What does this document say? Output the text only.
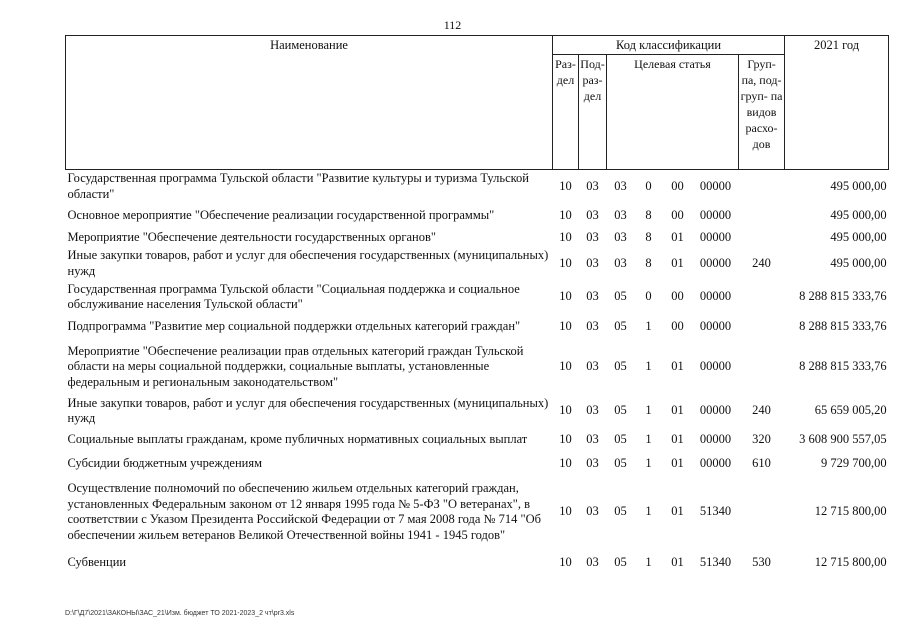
112
Наименование	Код классификации							2021 год
	Раз- дел	Под- раз- дел	Целевая статья				Груп- па, под- груп- па видов расхо- дов	
Государственная программа Тульской области "Развитие культуры и туризма Тульской области"	10	03	03	0	00	00000		495 000,00
Основное мероприятие "Обеспечение реализации государственной программы"	10	03	03	8	00	00000		495 000,00
Мероприятие "Обеспечение деятельности государственных органов"	10	03	03	8	01	00000		495 000,00
Иные закупки товаров, работ и услуг для обеспечения государственных (муниципальных) нужд	10	03	03	8	01	00000	240	495 000,00
Государственная программа Тульской области "Социальная поддержка и социальное обслуживание населения Тульской области"	10	03	05	0	00	00000		8 288 815 333,76
Подпрограмма "Развитие мер социальной поддержки отдельных категорий граждан"	10	03	05	1	00	00000		8 288 815 333,76
Мероприятие "Обеспечение реализации прав отдельных категорий граждан Тульской области на меры социальной поддержки, социальные выплаты, установленные федеральным и региональным законодательством"	10	03	05	1	01	00000		8 288 815 333,76
Иные закупки товаров, работ и услуг для обеспечения государственных (муниципальных) нужд	10	03	05	1	01	00000	240	65 659 005,20
Социальные выплаты гражданам, кроме публичных нормативных социальных выплат	10	03	05	1	01	00000	320	3 608 900 557,05
Субсидии бюджетным учреждениям	10	03	05	1	01	00000	610	9 729 700,00
Осуществление полномочий по обеспечению жильем отдельных категорий граждан, установленных Федеральным законом от 12 января 1995 года № 5-ФЗ "О ветеранах", в соответствии с Указом Президента Российской Федерации от 7 мая 2008 года № 714 "Об обеспечении жильем ветеранов Великой Отечественной войны 1941 - 1945 годов"	10	03	05	1	01	51340		12 715 800,00
Субвенции	10	03	05	1	01	51340	530	12 715 800,00
D:\Г\Д7\2021\ЗАКОНЫ\ЗАС_21\Изм. бюджет ТО 2021-2023_2 чт\pr3.xls
